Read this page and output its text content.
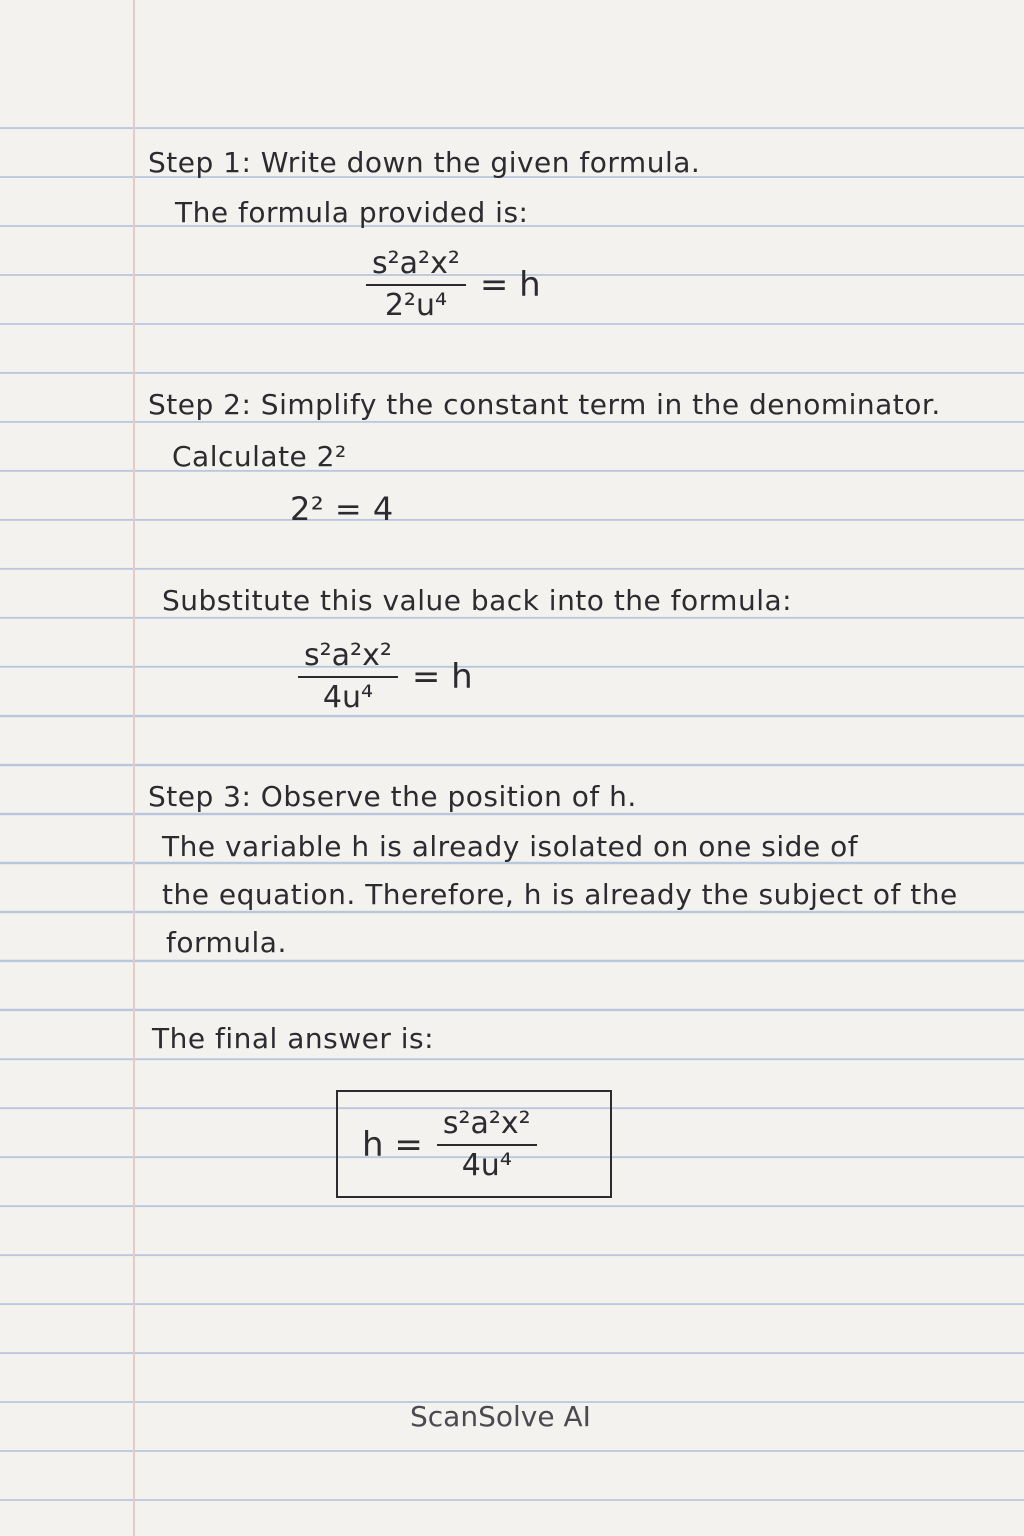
Step 1: Write down the given formula.
The formula provided is:
$\frac{\text{s²a²x²}}{\text{2²u⁴}} = h$
Step 2: Simplify the constant term in the denominator.
Calculate 2²
2² = 4
Substitute this value back into the formula:
$\frac{\text{s²a²x²}}{\text{4u⁴}} = h$
Step 3: Observe the position of h.
The variable h is already isolated on one side of
the equation. Therefore, h is already the subject of the
formula.
The final answer is:
$h = \frac{\text{s²a²x²}}{\text{4u⁴}}$
ScanSolve AI
